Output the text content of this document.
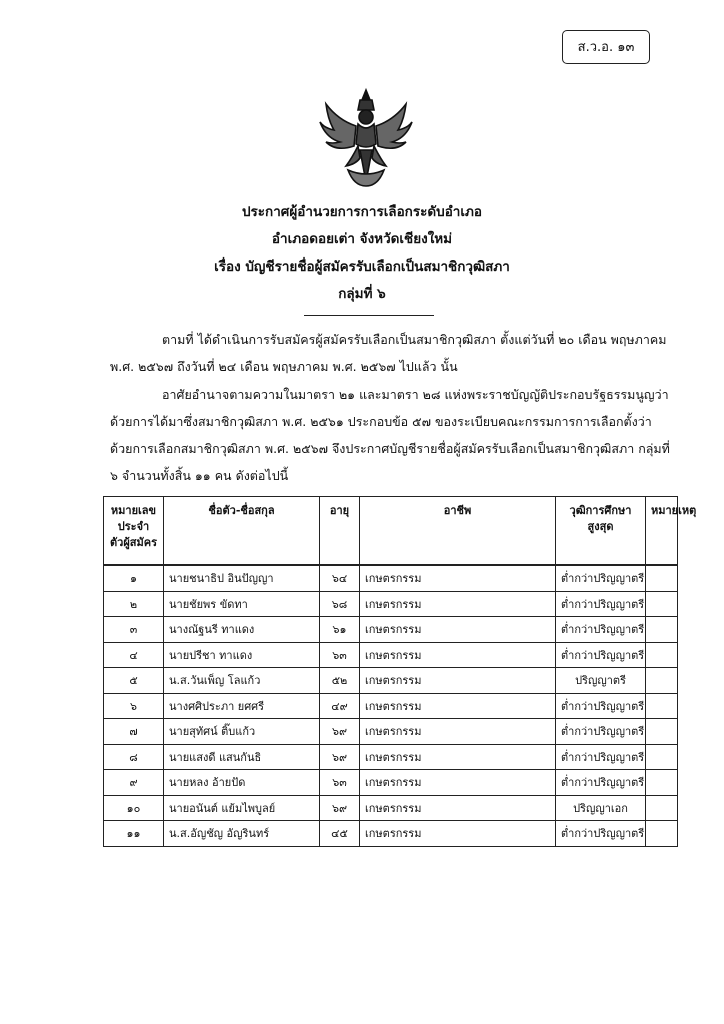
ส.ว.อ. ๑๓
ประกาศผู้อำนวยการการเลือกระดับอำเภอ
อำเภอดอยเต่า จังหวัดเชียงใหม่
เรื่อง บัญชีรายชื่อผู้สมัครรับเลือกเป็นสมาชิกวุฒิสภา
กลุ่มที่ ๖

ตามที่ ได้ดำเนินการรับสมัครผู้สมัครรับเลือกเป็นสมาชิกวุฒิสภา ตั้งแต่วันที่ ๒๐ เดือน พฤษภาคม พ.ศ. ๒๕๖๗ ถึงวันที่ ๒๔ เดือน พฤษภาคม พ.ศ. ๒๕๖๗ ไปแล้ว นั้น

อาศัยอำนาจตามความในมาตรา ๒๑ และมาตรา ๒๘ แห่งพระราชบัญญัติประกอบรัฐธรรมนูญว่าด้วยการได้มาซึ่งสมาชิกวุฒิสภา พ.ศ. ๒๕๖๑ ประกอบข้อ ๕๗ ของระเบียบคณะกรรมการการเลือกตั้งว่าด้วยการเลือกสมาชิกวุฒิสภา พ.ศ. ๒๕๖๗ จึงประกาศบัญชีรายชื่อผู้สมัครรับเลือกเป็นสมาชิกวุฒิสภา กลุ่มที่ ๖ จำนวนทั้งสิ้น ๑๑ คน ดังต่อไปนี้

หมายเลขประจำตัวผู้สมัคร	ชื่อตัว-ชื่อสกุล	อายุ	อาชีพ	วุฒิการศึกษาสูงสุด	หมายเหตุ
๑	นายชนาธิป อินปัญญา	๖๔	เกษตรกรรม	ต่ำกว่าปริญญาตรี	
๒	นายชัยพร ขัดทา	๖๘	เกษตรกรรม	ต่ำกว่าปริญญาตรี	
๓	นางณัฐนรี ทาแดง	๖๑	เกษตรกรรม	ต่ำกว่าปริญญาตรี	
๔	นายปรีชา ทาแดง	๖๓	เกษตรกรรม	ต่ำกว่าปริญญาตรี	
๕	น.ส.วันเพ็ญ โลแก้ว	๕๒	เกษตรกรรม	ปริญญาตรี	
๖	นางศศิประภา ยศศรี	๔๙	เกษตรกรรม	ต่ำกว่าปริญญาตรี	
๗	นายสุทัศน์ ติ๊บแก้ว	๖๙	เกษตรกรรม	ต่ำกว่าปริญญาตรี	
๘	นายแสงดี แสนกันธิ	๖๙	เกษตรกรรม	ต่ำกว่าปริญญาตรี	
๙	นายหลง อ้ายปัด	๖๓	เกษตรกรรม	ต่ำกว่าปริญญาตรี	
๑๐	นายอนันต์ แย้มไพบูลย์	๖๙	เกษตรกรรม	ปริญญาเอก	
๑๑	น.ส.อัญชัญ อัญรินทร์	๔๕	เกษตรกรรม	ต่ำกว่าปริญญาตรี	
